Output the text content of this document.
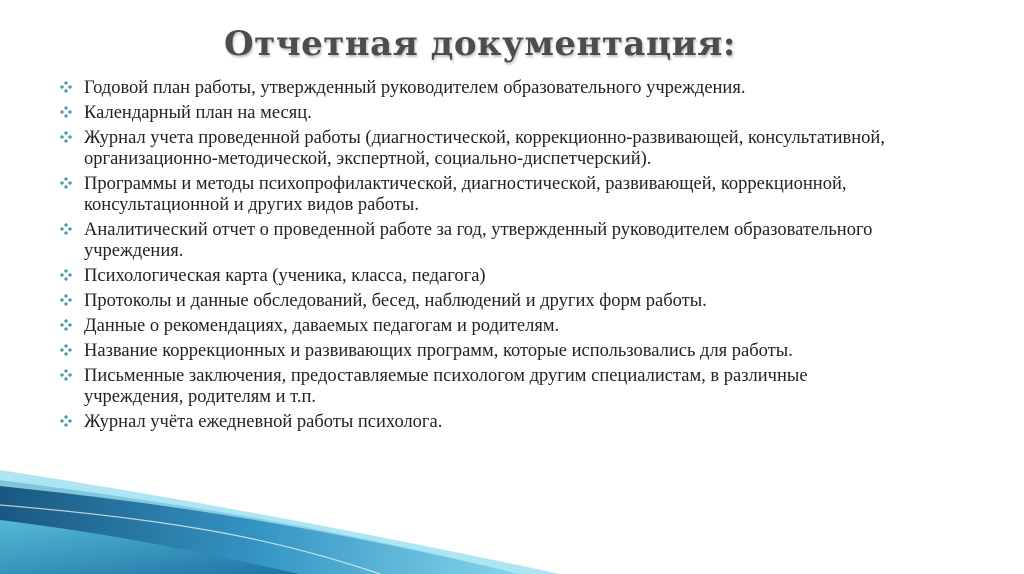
Отчетная документация:
Годовой план работы, утвержденный руководителем образовательного учреждения.
Календарный план на месяц.
Журнал учета проведенной работы (диагностической, коррекционно-развивающей, консультативной, организационно-методической, экспертной, социально-диспетчерский).
Программы и методы психопрофилактической, диагностической, развивающей, коррекционной, консультационной и других видов работы.
Аналитический отчет о проведенной работе за год, утвержденный руководителем образовательного учреждения.
Психологическая карта (ученика, класса, педагога)
Протоколы и данные обследований, бесед, наблюдений и других форм работы.
Данные о рекомендациях, даваемых педагогам и родителям.
Название коррекционных и развивающих программ, которые использовались для работы.
Письменные заключения, предоставляемые психологом другим специалистам, в различные учреждения, родителям и т.п.
Журнал учёта ежедневной работы психолога.
